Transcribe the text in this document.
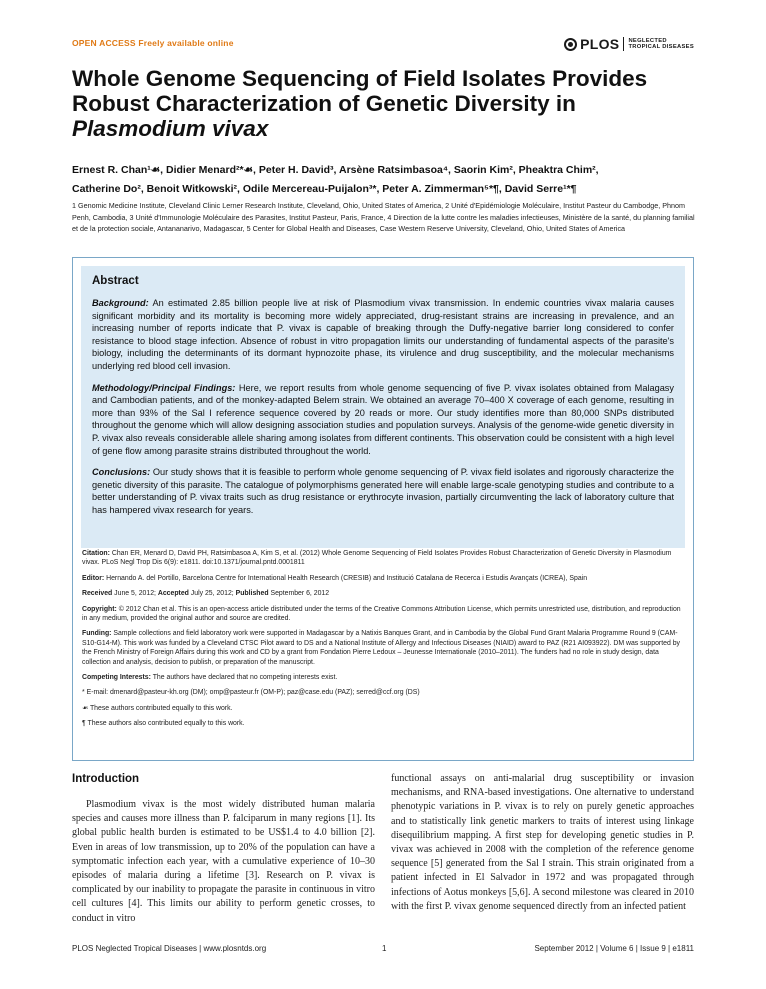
OPEN ACCESS Freely available online	PLOS NEGLECTED
TROPICAL DISEASES
Whole Genome Sequencing of Field Isolates Provides
Robust Characterization of Genetic Diversity in
Plasmodium vivax
Ernest R. Chan¹☙, Didier Menard²*☙, Peter H. David³, Arsène Ratsimbasoa⁴, Saorin Kim², Pheaktra Chim²,
Catherine Do², Benoit Witkowski², Odile Mercereau-Puijalon³*, Peter A. Zimmerman⁵*¶, David Serre¹*¶
1 Genomic Medicine Institute, Cleveland Clinic Lerner Research Institute, Cleveland, Ohio, United States of America, 2 Unité d'Epidémiologie Moléculaire, Institut Pasteur du Cambodge, Phnom Penh, Cambodia, 3 Unité d'Immunologie Moléculaire des Parasites, Institut Pasteur, Paris, France, 4 Direction de la lutte contre les maladies infectieuses, Ministère de la santé, du planning familial et de la protection sociale, Antananarivo, Madagascar, 5 Center for Global Health and Diseases, Case Western Reserve University, Cleveland, Ohio, United States of America
Abstract

Background: An estimated 2.85 billion people live at risk of Plasmodium vivax transmission. In endemic countries vivax malaria causes significant morbidity and its mortality is becoming more widely appreciated, drug-resistant strains are increasing in prevalence, and an increasing number of reports indicate that P. vivax is capable of breaking through the Duffy-negative barrier long considered to confer resistance to blood stage infection. Absence of robust in vitro propagation limits our understanding of fundamental aspects of the parasite's biology, including the determinants of its dormant hypnozoite phase, its virulence and drug susceptibility, and the molecular mechanisms underlying red blood cell invasion.

Methodology/Principal Findings: Here, we report results from whole genome sequencing of five P. vivax isolates obtained from Malagasy and Cambodian patients, and of the monkey-adapted Belem strain. We obtained an average 70–400 X coverage of each genome, resulting in more than 93% of the Sal I reference sequence covered by 20 reads or more. Our study identifies more than 80,000 SNPs distributed throughout the genome which will allow designing association studies and population surveys. Analysis of the genome-wide genetic diversity in P. vivax also reveals considerable allele sharing among isolates from different continents. This observation could be consistent with a high level of gene flow among parasite strains distributed throughout the world.

Conclusions: Our study shows that it is feasible to perform whole genome sequencing of P. vivax field isolates and rigorously characterize the genetic diversity of this parasite. The catalogue of polymorphisms generated here will enable large-scale genotyping studies and contribute to a better understanding of P. vivax traits such as drug resistance or erythrocyte invasion, partially circumventing the lack of laboratory culture that has hampered vivax research for years.

Citation: Chan ER, Menard D, David PH, Ratsimbasoa A, Kim S, et al. (2012) Whole Genome Sequencing of Field Isolates Provides Robust Characterization of Genetic Diversity in Plasmodium vivax. PLoS Negl Trop Dis 6(9): e1811. doi:10.1371/journal.pntd.0001811

Editor: Hernando A. del Portillo, Barcelona Centre for International Health Research (CRESIB) and Institució Catalana de Recerca i Estudis Avançats (ICREA), Spain

Received June 5, 2012; Accepted July 25, 2012; Published September 6, 2012

Copyright: © 2012 Chan et al. This is an open-access article distributed under the terms of the Creative Commons Attribution License, which permits unrestricted use, distribution, and reproduction in any medium, provided the original author and source are credited.

Funding: Sample collections and field laboratory work were supported in Madagascar by a Natixis Banques Grant, and in Cambodia by the Global Fund Grant Malaria Programme Round 9 (CAM-S10-G14-M). This work was funded by a Cleveland CTSC Pilot award to DS and a National Institute of Allergy and Infectious Diseases (NIAID) award to PAZ (R21 AI093922). DM was supported by the French Ministry of Foreign Affairs during this work and CD by a grant from Fondation Pierre Ledoux – Jeunesse Internationale (2010–2011). The funders had no role in study design, data collection and analysis, decision to publish, or preparation of the manuscript.

Competing Interests: The authors have declared that no competing interests exist.

* E-mail: dmenard@pasteur-kh.org (DM); omp@pasteur.fr (OM-P); paz@case.edu (PAZ); serred@ccf.org (DS)

☙ These authors contributed equally to this work.

¶ These authors also contributed equally to this work.

Introduction

Plasmodium vivax is the most widely distributed human malaria species and causes more illness than P. falciparum in many regions [1]. Its global public health burden is estimated to be US$1.4 to 4.0 billion [2]. Even in areas of low transmission, up to 20% of the population can have a symptomatic infection each year, with a cumulative experience of 10–30 episodes of malaria during a lifetime [3]. Research on P. vivax is complicated by our inability to propagate the parasite in continuous in vitro cell cultures [4]. This limits our ability to perform genetic crosses, to conduct in vitro

functional assays on anti-malarial drug susceptibility or invasion mechanisms, and RNA-based investigations. One alternative to understand phenotypic variations in P. vivax is to rely on purely genetic approaches and to statistically link genetic markers to traits of interest using linkage disequilibrium mapping. A first step for developing genetic studies in P. vivax was achieved in 2008 with the completion of the reference genome sequence [5] generated from the Sal I strain. This strain originated from a patient infected in El Salvador in 1972 and was propagated through infections of Aotus monkeys [5,6]. A second milestone was cleared in 2010 with the first P. vivax genome sequenced directly from an infected patient

PLOS Neglected Tropical Diseases | www.plosntds.org	1	September 2012 | Volume 6 | Issue 9 | e1811
